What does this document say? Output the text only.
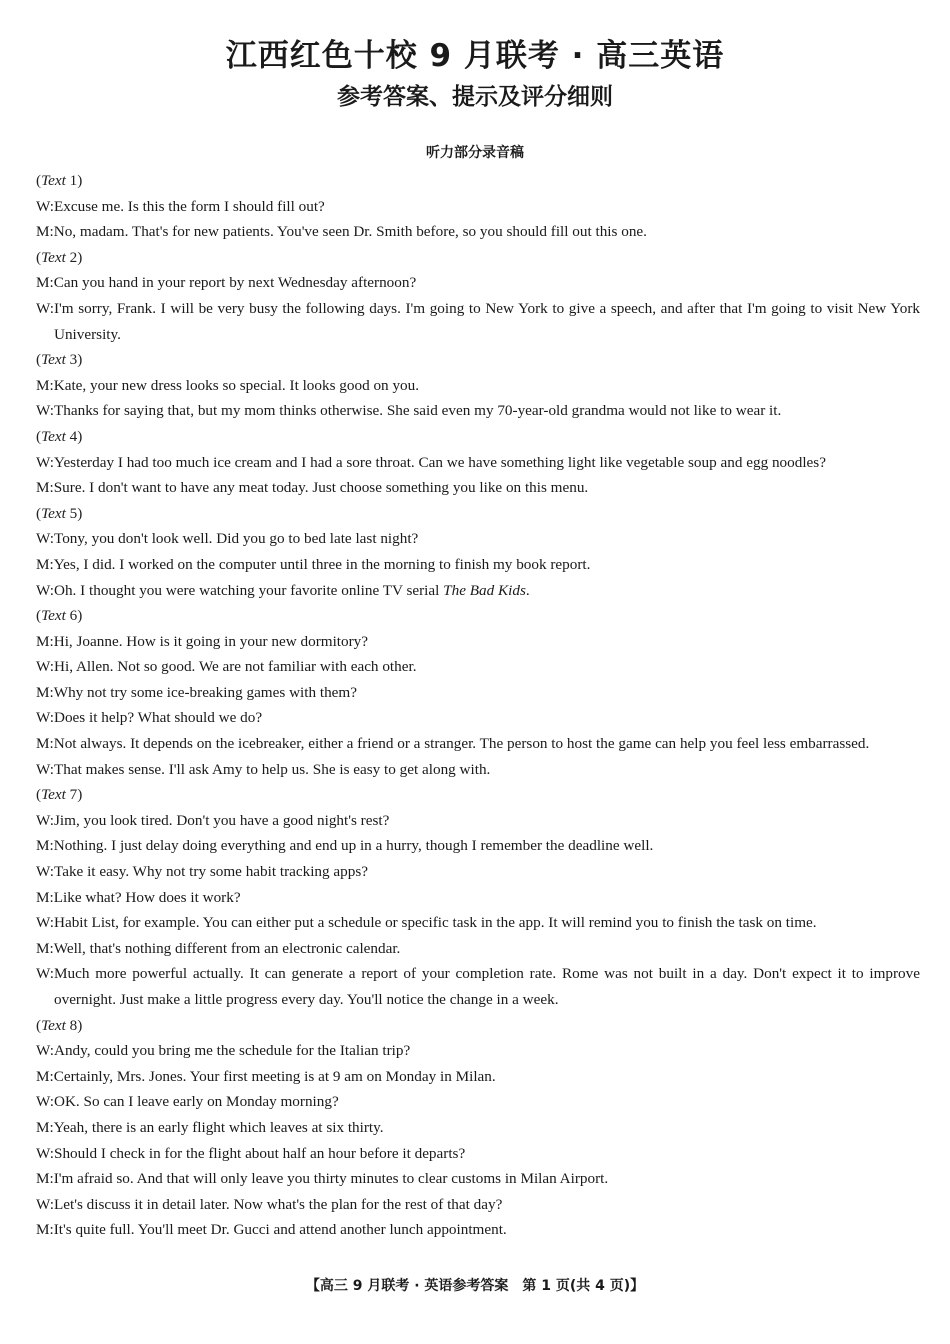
江西红色十校 9 月联考 · 高三英语
参考答案、提示及评分细则
听力部分录音稿
(Text 1)
W: Excuse me. Is this the form I should fill out?
M: No, madam. That's for new patients. You've seen Dr. Smith before, so you should fill out this one.
(Text 2)
M: Can you hand in your report by next Wednesday afternoon?
W: I'm sorry, Frank. I will be very busy the following days. I'm going to New York to give a speech, and after that I'm going to visit New York University.
(Text 3)
M: Kate, your new dress looks so special. It looks good on you.
W: Thanks for saying that, but my mom thinks otherwise. She said even my 70-year-old grandma would not like to wear it.
(Text 4)
W: Yesterday I had too much ice cream and I had a sore throat. Can we have something light like vegetable soup and egg noodles?
M: Sure. I don't want to have any meat today. Just choose something you like on this menu.
(Text 5)
W: Tony, you don't look well. Did you go to bed late last night?
M: Yes, I did. I worked on the computer until three in the morning to finish my book report.
W: Oh. I thought you were watching your favorite online TV serial The Bad Kids.
(Text 6)
M: Hi, Joanne. How is it going in your new dormitory?
W: Hi, Allen. Not so good. We are not familiar with each other.
M: Why not try some ice-breaking games with them?
W: Does it help? What should we do?
M: Not always. It depends on the icebreaker, either a friend or a stranger. The person to host the game can help you feel less embarrassed.
W: That makes sense. I'll ask Amy to help us. She is easy to get along with.
(Text 7)
W: Jim, you look tired. Don't you have a good night's rest?
M: Nothing. I just delay doing everything and end up in a hurry, though I remember the deadline well.
W: Take it easy. Why not try some habit tracking apps?
M: Like what? How does it work?
W: Habit List, for example. You can either put a schedule or specific task in the app. It will remind you to finish the task on time.
M: Well, that's nothing different from an electronic calendar.
W: Much more powerful actually. It can generate a report of your completion rate. Rome was not built in a day. Don't expect it to improve overnight. Just make a little progress every day. You'll notice the change in a week.
(Text 8)
W: Andy, could you bring me the schedule for the Italian trip?
M: Certainly, Mrs. Jones. Your first meeting is at 9 am on Monday in Milan.
W: OK. So can I leave early on Monday morning?
M: Yeah, there is an early flight which leaves at six thirty.
W: Should I check in for the flight about half an hour before it departs?
M: I'm afraid so. And that will only leave you thirty minutes to clear customs in Milan Airport.
W: Let's discuss it in detail later. Now what's the plan for the rest of that day?
M: It's quite full. You'll meet Dr. Gucci and attend another lunch appointment.
【高三 9 月联考 · 英语参考答案　第 1 页(共 4 页)】
